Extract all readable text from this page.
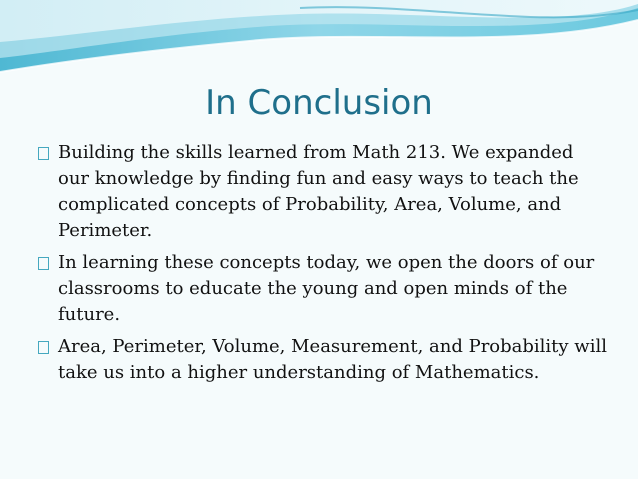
In Conclusion
Building the skills learned from Math 213. We expanded our knowledge by finding fun and easy ways to teach the complicated concepts of Probability, Area, Volume, and Perimeter.
In learning these concepts today, we open the doors of our classrooms to educate the young and open minds of the future.
Area, Perimeter, Volume, Measurement, and Probability will take us into a higher understanding of Mathematics.
